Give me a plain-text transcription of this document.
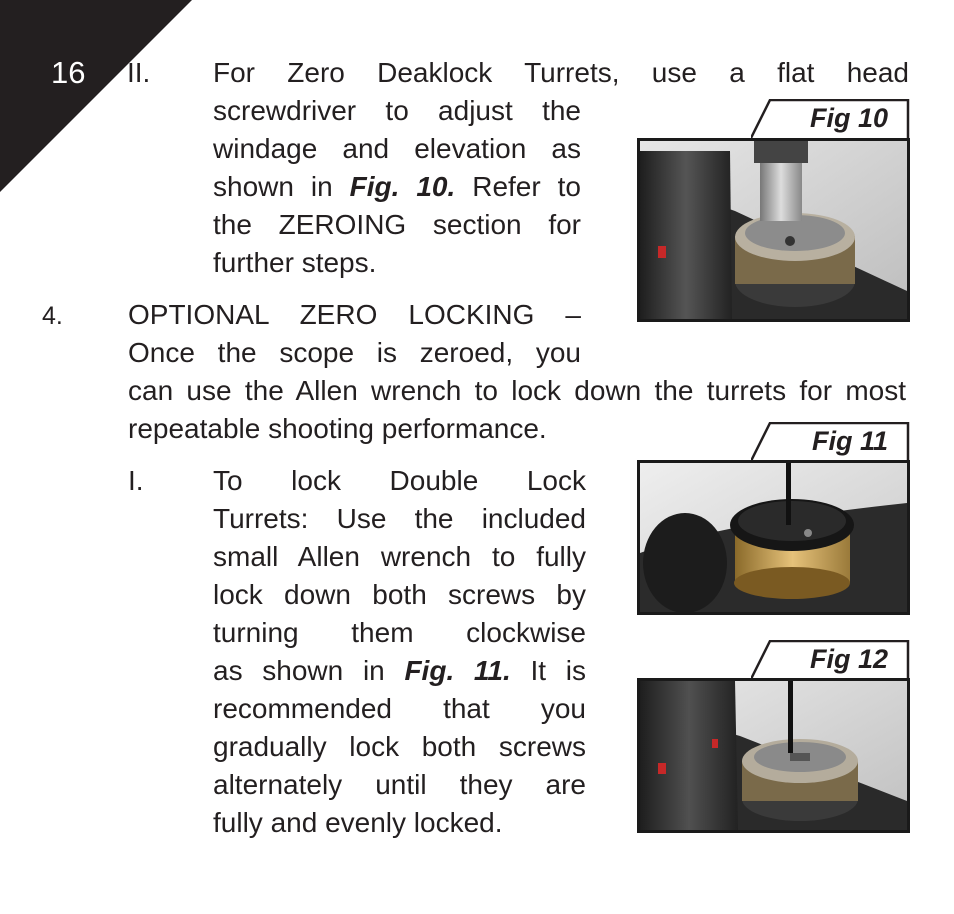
16 II. For Zero Deaklock Turrets, use a flat head
screwdriver to adjust the
windage and elevation as
shown in Fig. 10. Refer to
the ZEROING section for
further steps.
4. OPTIONAL ZERO LOCKING –
Once the scope is zeroed, you
can use the Allen wrench to lock down the turrets for most
repeatable shooting performance.
I. To lock Double Lock
Turrets: Use the included
small Allen wrench to fully
lock down both screws by
turning them clockwise
as shown in Fig. 11. It is
recommended that you
gradually lock both screws
alternately until they are
fully and evenly locked.
Fig 10
Fig 11
Fig 12
